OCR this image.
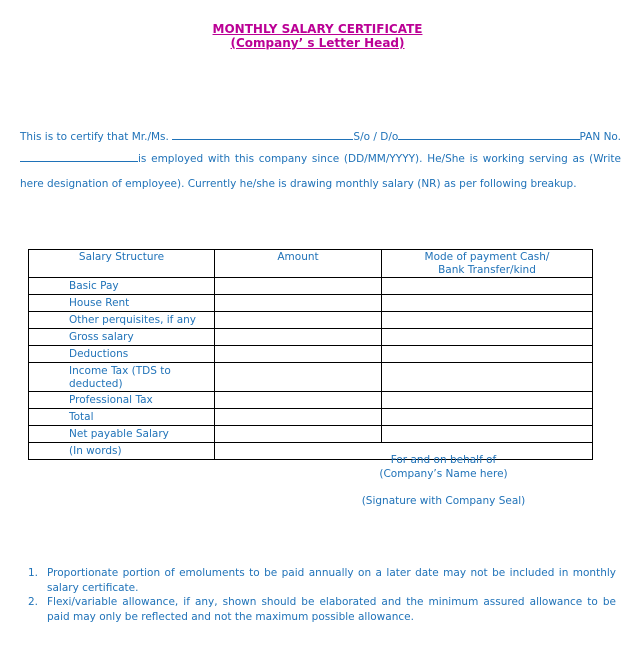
MONTHLY SALARY CERTIFICATE
(Company’ s Letter Head)
This is to certify that Mr./Ms.	S/o / D/o	PAN No.
is employed with this company since (DD/MM/YYYY). He/She is working serving as (Write
here designation of employee). Currently he/she is drawing monthly salary (NR) as per following breakup.
Salary Structure	Amount	Mode of payment Cash/
Bank Transfer/kind

Basic Pay		
House Rent		
Other perquisites, if any		
Gross salary		
Deductions		
Income Tax (TDS to deducted)		
Professional Tax		
Total		
Net payable Salary		
(In words)		
For and on behalf of
(Company’s Name here)
(Signature with Company Seal)
1. Proportionate portion of emoluments to be paid annually on a later date may not be included in monthly salary certificate.
2. Flexi/variable allowance, if any, shown should be elaborated and the minimum assured allowance to be paid may only be reflected and not the maximum possible allowance.
